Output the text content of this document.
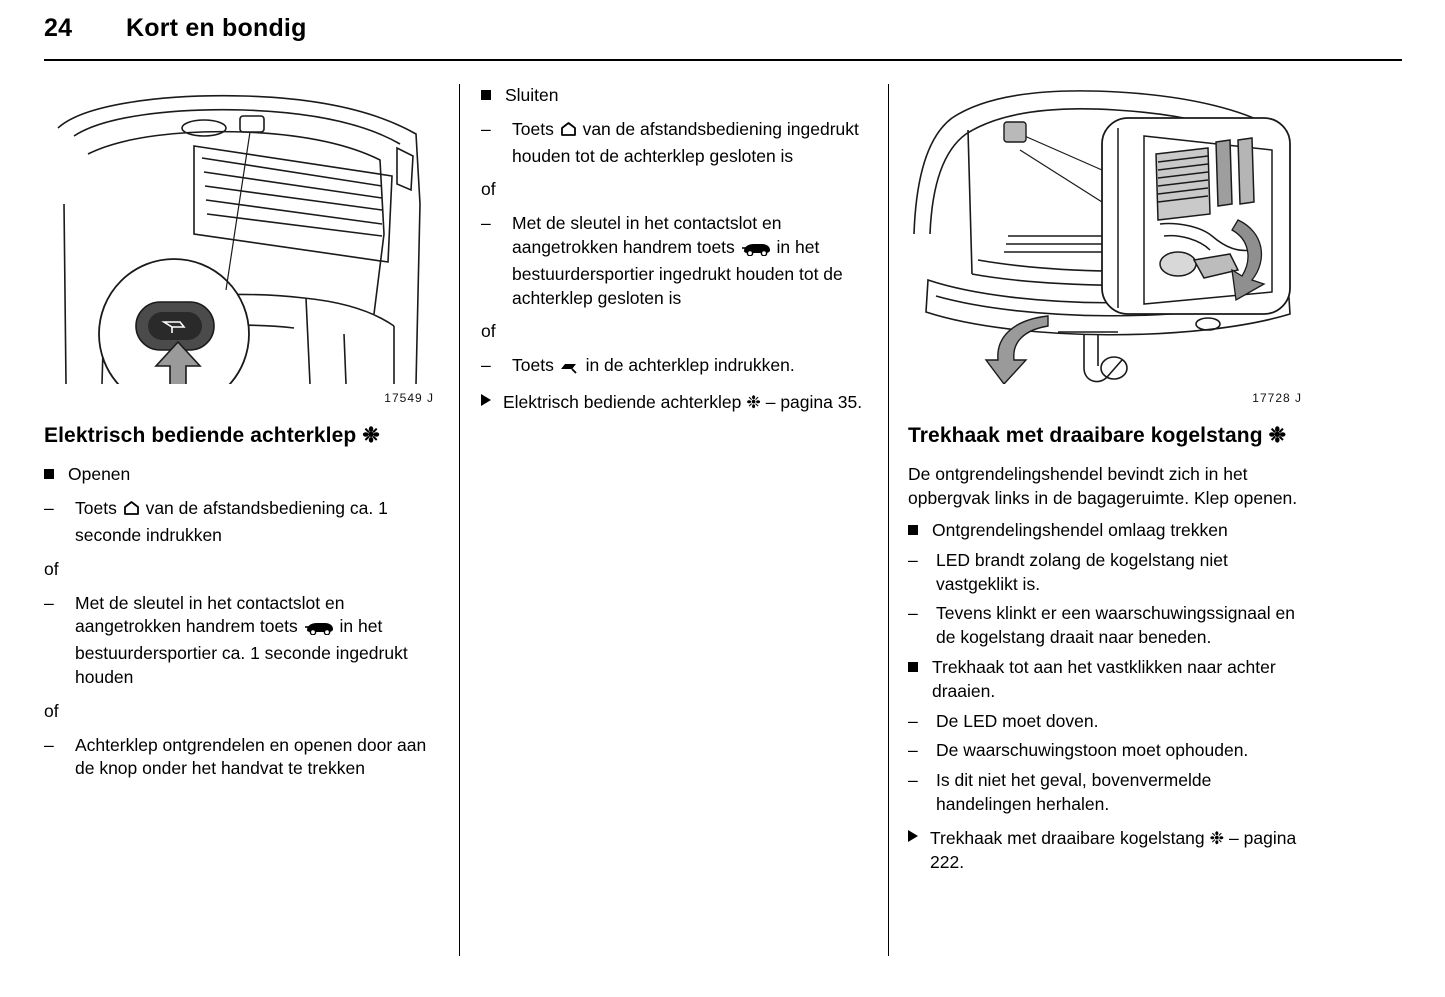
24 Kort en bondig
17549 J
Elektrisch bediende achterklep ❉
Openen
– Toets  van de afstandsbediening ca. 1 seconde indrukken
of
– Met de sleutel in het contactslot en aangetrokken handrem toets  in het bestuurdersportier ca. 1 seconde ingedrukt houden
of
– Achterklep ontgrendelen en openen door aan de knop onder het handvat te trekken
Sluiten
– Toets  van de afstandsbediening ingedrukt houden tot de achterklep gesloten is
of
– Met de sleutel in het contactslot en aangetrokken handrem toets  in het bestuurdersportier ingedrukt houden tot de achterklep gesloten is
of
– Toets  in de achterklep indrukken.
Elektrisch bediende achterklep ❉ – pagina 35.	17728 J
Trekhaak met draaibare kogelstang ❉

De ontgrendelingshendel bevindt zich in het opbergvak links in de bagageruimte. Klep openen.

Ontgrendelingshendel omlaag trekken
– LED brandt zolang de kogelstang niet vastgeklikt is.
– Tevens klinkt er een waarschuwingssignaal en de kogelstang draait naar beneden.
Trekhaak tot aan het vastklikken naar achter draaien.
– De LED moet doven.
– De waarschuwingstoon moet ophouden.
– Is dit niet het geval, bovenvermelde handelingen herhalen.
Trekhaak met draaibare kogelstang ❉ – pagina 222.
